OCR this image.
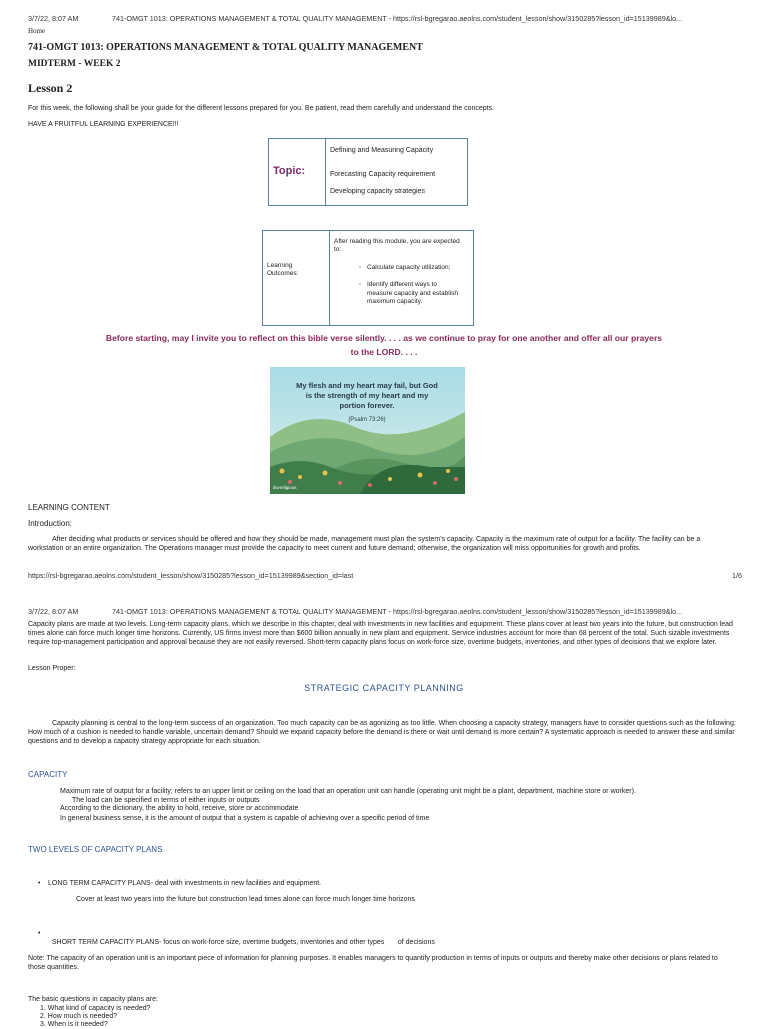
3/7/22, 8:07 AM	741-OMGT 1013: OPERATIONS MANAGEMENT & TOTAL QUALITY MANAGEMENT - https://rsl-bgregarao.aeolns.com/student_lesson/show/3150285?lesson_id=15139989&lo...
Home
741-OMGT 1013: OPERATIONS MANAGEMENT & TOTAL QUALITY MANAGEMENT
MIDTERM - WEEK 2
Lesson 2
For this week, the following shall be your guide for the different lessons prepared for you. Be patient, read them carefully and understand the concepts.
HAVE A FRUITFUL LEARNING EXPERIENCE!!!
Topic:
Defining and Measuring Capacity
Forecasting Capacity requirement
Developing capacity strategies
Learning Outcomes:
After reading this module, you are expected to:
◦ Calculate capacity utilization;
◦ Identify different ways to measure capacity and establish maximum capacity.
Before starting, may I invite you to reflect on this bible verse silently. . . . as we continue to pray for one another and offer all our prayers
to the LORD. . . .
My flesh and my heart may fail, but God is the strength of my heart and my portion forever.
(Psalm 73:26)
iluvreligious
LEARNING CONTENT
Introduction:
After deciding what products or services should be offered and how they should be made, management must plan the system's capacity. Capacity is the maximum rate of output for a facility. The facility can be a workstation or an entire organization. The Operations manager must provide the capacity to meet current and future demand; otherwise, the organization will miss opportunities for growth and profits.
https://rsl-bgregarao.aeolns.com/student_lesson/show/3150285?lesson_id=15139989&section_id=last	1/6
3/7/22, 8:07 AM	741-OMGT 1013: OPERATIONS MANAGEMENT & TOTAL QUALITY MANAGEMENT - https://rsl-bgregarao.aeolns.com/student_lesson/show/3150285?lesson_id=15139989&lo...
Capacity plans are made at two levels. Long-term capacity plans, which we describe in this chapter, deal with investments in new facilities and equipment. These plans cover at least two years into the future, but construction lead times alone can force much longer time horizons. Currently, US firms invest more than $600 billion annually in new plant and equipment. Service industries account for more than 68 percent of the total. Such sizable investments require top-management participation and approval because they are not easily reversed. Short-term capacity plans focus on work-force size, overtime budgets, inventories, and other types of decisions that we explore later.
Lesson Proper:
STRATEGIC CAPACITY PLANNING
Capacity planning is central to the long-term success of an organization. Too much capacity can be as agonizing as too little. When choosing a capacity strategy, managers have to consider questions such as the following: How much of a cushion is needed to handle variable, uncertain demand? Should we expand capacity before the demand is there or wait until demand is more certain? A systematic approach is needed to answer these and similar questions and to develop a capacity strategy appropriate for each situation.
CAPACITY
Maximum rate of output for a facility; refers to an upper limit or ceiling on the load that an operation unit can handle (operating unit might be a plant, department, machine store or worker).
The load can be specified in terms of either inputs or outputs
According to the dictionary, the ability to hold, receive, store or accommodate
In general business sense, it is the amount of output that a system is capable of achieving over a specific period of time
TWO LEVELS OF CAPACITY PLANS
• LONG TERM CAPACITY PLANS- deal with investments in new facilities and equipment.
Cover at least two years into the future but construction lead times alone can force much longer time horizons

•

SHORT TERM CAPACITY PLANS- focus on work-force size, overtime budgets, inventories and other types       of decisions

Note: The capacity of an operation unit is an important piece of information for planning purposes. It enables managers to quantify production in terms of inputs or outputs and thereby make other decisions or plans related to those quantities.
The basic questions in capacity plans are:
1. What kind of capacity is needed?
2. How much is needed?
3. When is it needed?
